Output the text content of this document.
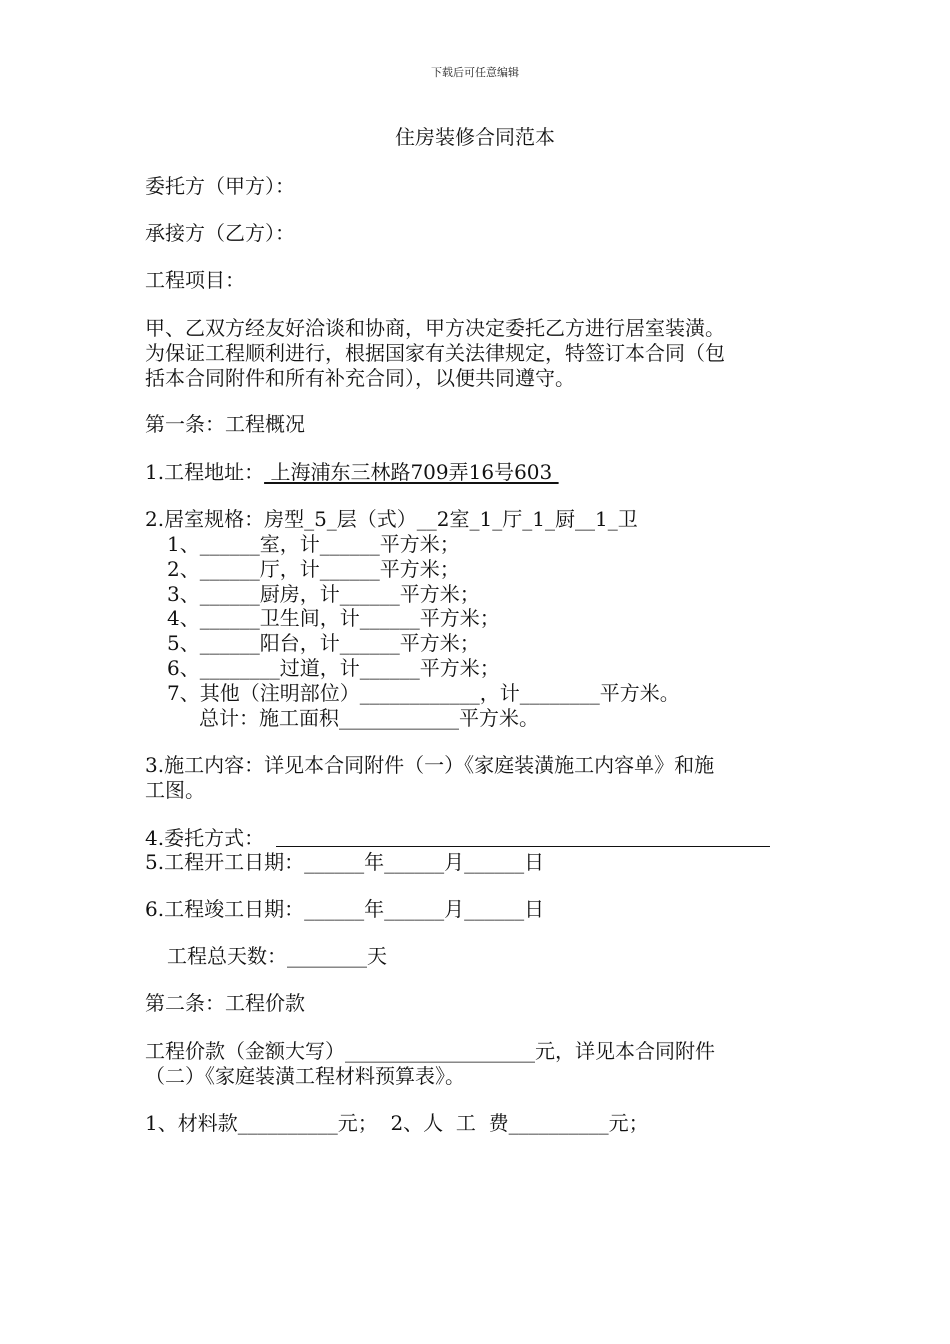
下载后可任意编辑
住房装修合同范本
委托方（甲方）：
承接方（乙方）：
工程项目：
甲、乙双方经友好洽谈和协商，甲方决定委托乙方进行居室装潢。
为保证工程顺利进行，根据国家有关法律规定，特签订本合同（包
括本合同附件和所有补充合同），以便共同遵守。
第一条：工程概况
1.工程地址： 上海浦东三林路709弄16号603
2.居室规格：房型_5_层（式）__2室_1_厅_1_厨__1_卫
1、______室，计______平方米；
2、______厅，计______平方米；
3、______厨房，计______平方米；
4、______卫生间，计______平方米；
5、______阳台，计______平方米；
6、________过道，计______平方米；
7、其他（注明部位）____________，计________平方米。
总计：施工面积____________平方米。
3.施工内容：详见本合同附件（一）《家庭装潢施工内容单》和施
工图。
4.委托方式：
5.工程开工日期：______年______月______日
6.工程竣工日期：______年______月______日
工程总天数：________天
第二条：工程价款
工程价款（金额大写）___________________元，详见本合同附件
（二）《家庭装潢工程材料预算表》。
1、材料款__________元；  2、人  工  费__________元；
